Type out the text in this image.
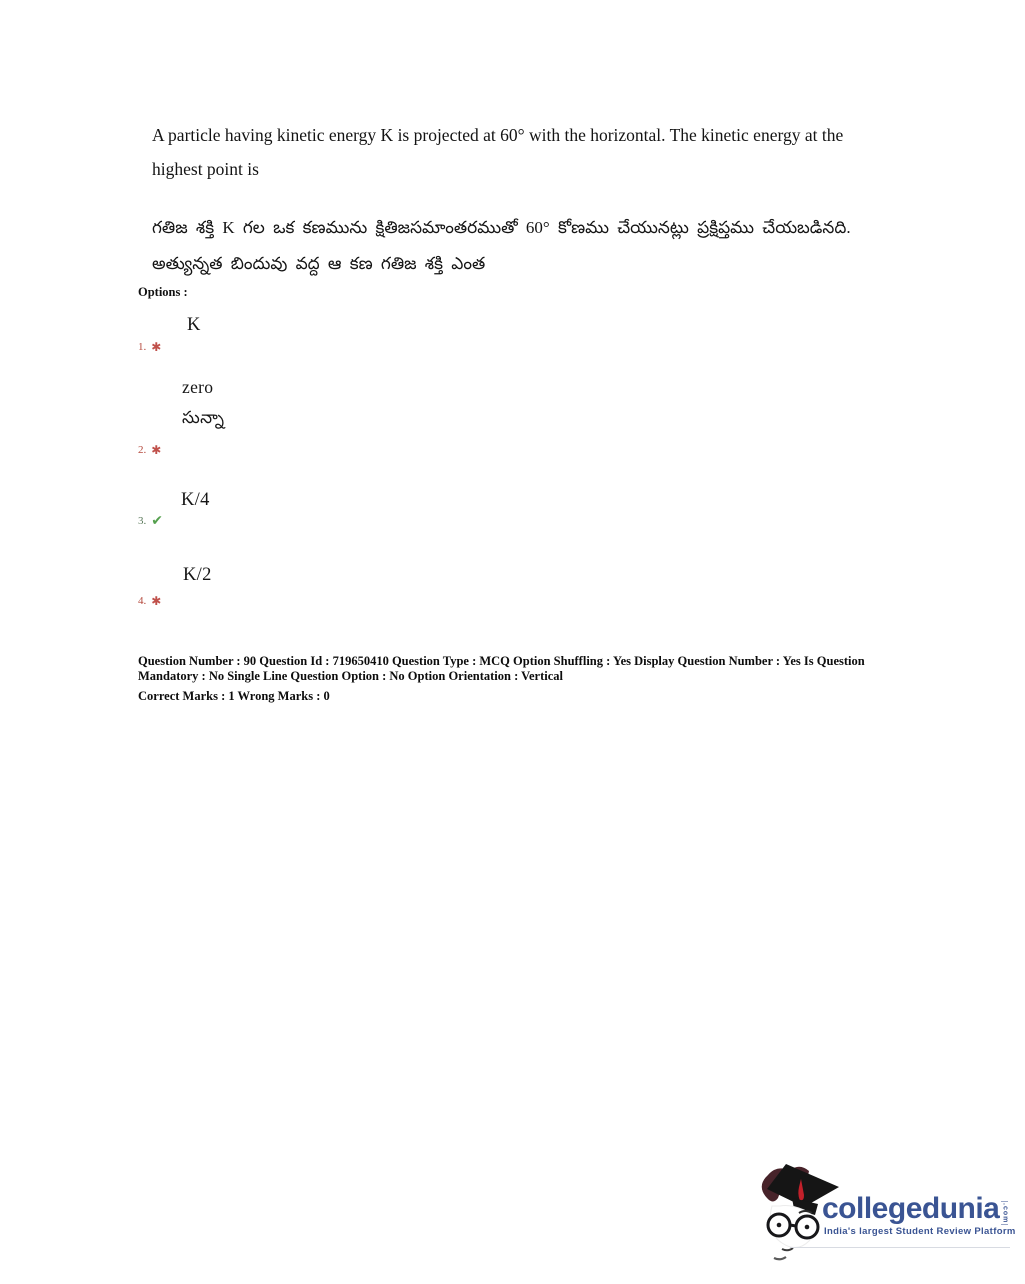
A particle having kinetic energy K is projected at 60° with the horizontal. The kinetic energy at the highest point is
గతిజ శక్తి K గల ఒక కణమును క్షితిజసమాంతరముతో 60° కోణము చేయునట్లు ప్రక్షిప్తము చేయబడినది. అత్యున్నత బిందువు వద్ద ఆ కణ గతిజ శక్తి ఎంత
Options :
K
1. ✱
zero
సున్నా
2. ✱
K/4
3. ✔
K/2
4. ✱
Question Number : 90 Question Id : 719650410 Question Type : MCQ Option Shuffling : Yes Display Question Number : Yes Is Question Mandatory : No Single Line Question Option : No Option Orientation : Vertical
Correct Marks : 1 Wrong Marks : 0
collegedunia .com
India's largest Student Review Platform
